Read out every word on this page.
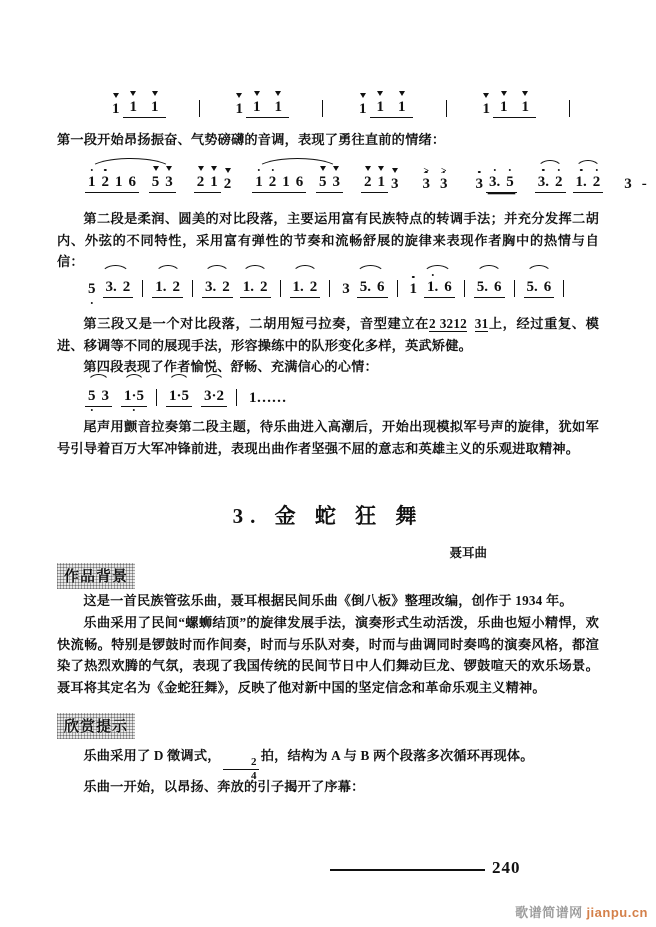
1 1 1	1 1 1	1 1 1	1 1 1

第一段开始昂扬振奋、气势磅礴的音调，表现了勇往直前的情绪：

1 2 1 6
5 3 2 1 2 1 2 1 6
5 3 2 1 3 > 3 > 3	3 3. 5 3. 2 1. 2 3 -

第二段是柔润、圆美的对比段落，主要运用富有民族特点的转调手法；并充分发挥二胡内、外弦的不同特性，采用富有弹性的节奏和流畅舒展的旋律来表现作者胸中的热情与自信：

5 3. 2 1. 2 3. 2 1. 2 1. 2 3 5. 6 1 1. 6 5. 6 5. 6

第三段又是一个对比段落，二胡用短弓拉奏，音型建立在2 3212 31上，经过重复、模进、移调等不同的展现手法，形容操练中的队形变化多样，英武矫健。

第四段表现了作者愉悦、舒畅、充满信心的心情：

5 3 1·5 1·5 3·2 1……

尾声用颤音拉奏第二段主题，待乐曲进入高潮后，开始出现模拟军号声的旋律，犹如军号引导着百万大军冲锋前进，表现出曲作者坚强不屈的意志和英雄主义的乐观进取精神。

3. 金 蛇 狂 舞
聂耳曲
作品背景

这是一首民族管弦乐曲，聂耳根据民间乐曲《倒八板》整理改编，创作于 1934 年。

乐曲采用了民间“螺蛳结顶”的旋律发展手法，演奏形式生动活泼，乐曲也短小精悍，欢快流畅。特别是锣鼓时而作间奏，时而与乐队对奏，时而与曲调同时奏鸣的演奏风格，都渲染了热烈欢腾的气氛，表现了我国传统的民间节日中人们舞动巨龙、锣鼓喧天的欢乐场景。聂耳将其定名为《金蛇狂舞》，反映了他对新中国的坚定信念和革命乐观主义精神。

欣赏提示

乐曲采用了 D 徵调式，
$\frac{2}{4}$
拍，结构为 A 与 B 两个段落多次循环再现体。

乐曲一开始，以昂扬、奔放的引子揭开了序幕：

240
歌谱简谱网 jianpu.cn
